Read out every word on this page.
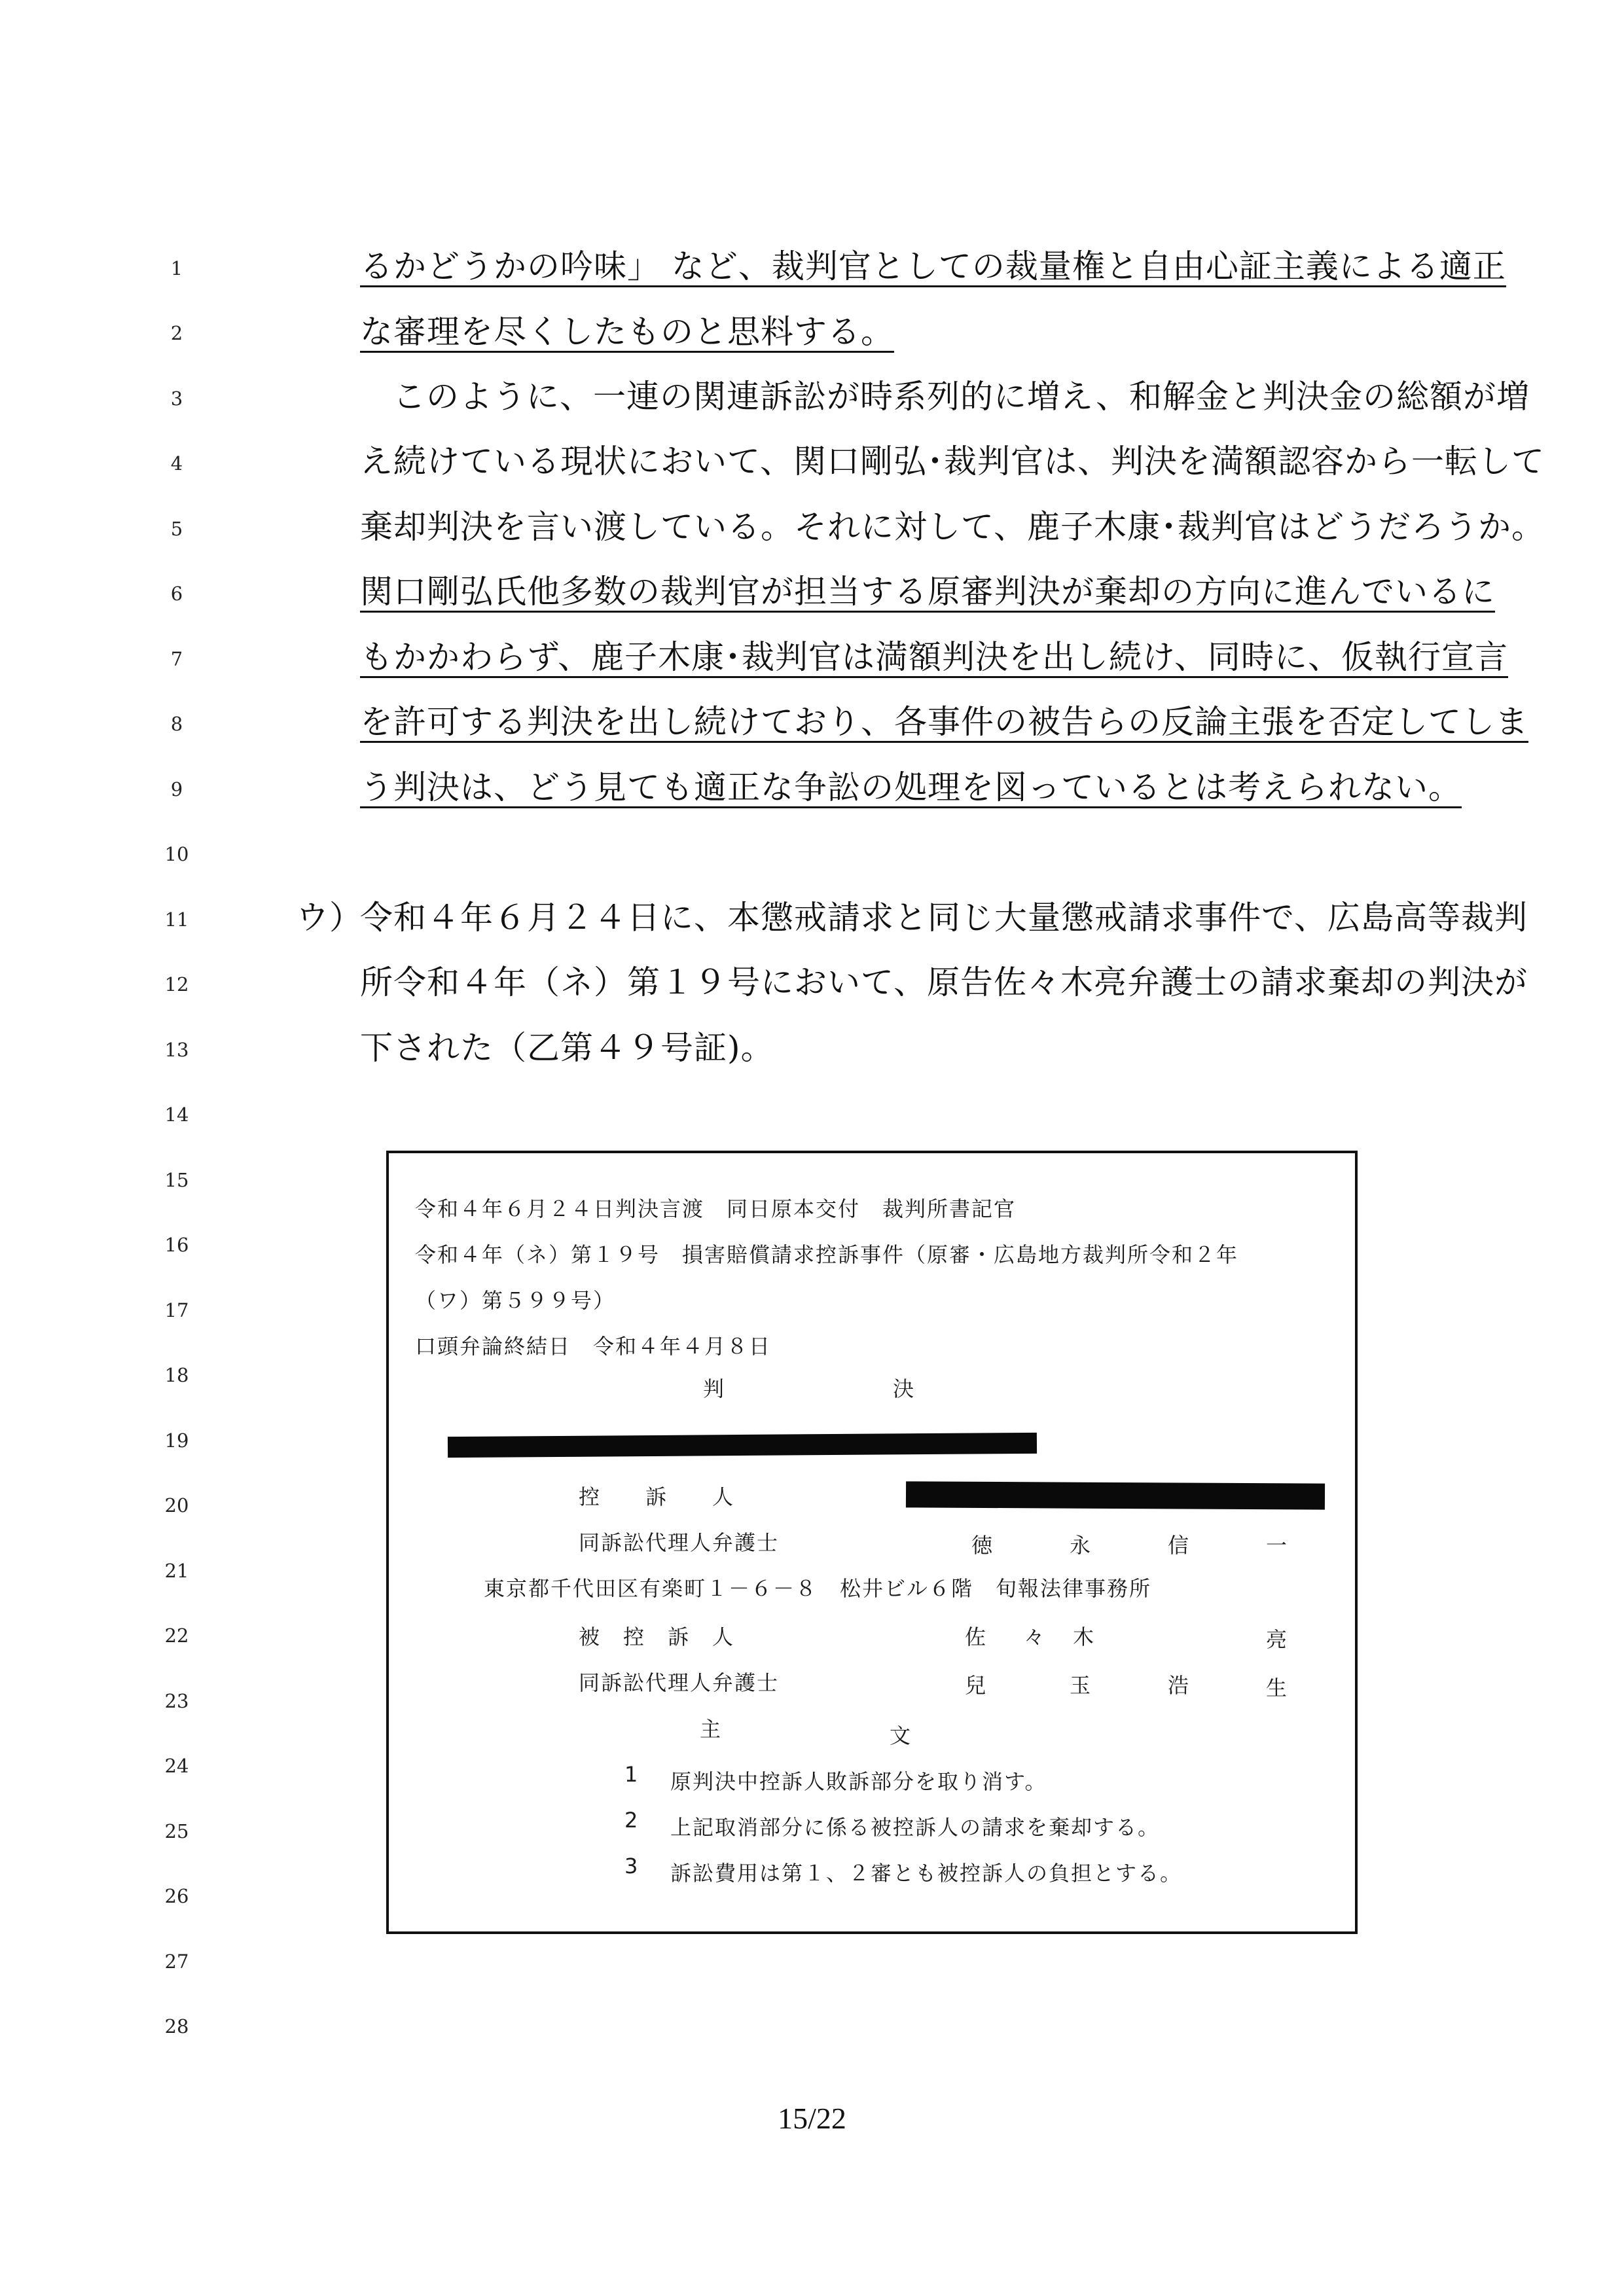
1
2
3
4
5
6
7
8
9
10
11
12
13
14
15
16
17
18
19
20
21
22
23
24
25
26
27
28
るかどうかの吟味」 など、裁判官としての裁量権と自由心証主義による適正
な審理を尽くしたものと思料する。
このように、一連の関連訴訟が時系列的に増え、和解金と判決金の総額が増
え続けている現状において、関口剛弘･裁判官は、判決を満額認容から一転して
棄却判決を言い渡している。それに対して、鹿子木康･裁判官はどうだろうか。
関口剛弘氏他多数の裁判官が担当する原審判決が棄却の方向に進んでいるに
もかかわらず、鹿子木康･裁判官は満額判決を出し続け、同時に、仮執行宣言
を許可する判決を出し続けており、各事件の被告らの反論主張を否定してしま
う判決は、どう見ても適正な争訟の処理を図っているとは考えられない。
ウ）
令和４年６月２４日に、本懲戒請求と同じ大量懲戒請求事件で、広島高等裁判
所令和４年（ネ）第１９号において、原告佐々木亮弁護士の請求棄却の判決が
下された（乙第４９号証)。
令和４年６月２４日判決言渡　同日原本交付　裁判所書記官
令和４年（ネ）第１９号　損害賠償請求控訴事件（原審・広島地方裁判所令和２年
（ワ）第５９９号）
口頭弁論終結日　令和４年４月８日
判	決
控　　訴　　人
同訴訟代理人弁護士	徳	永	信	一
東京都千代田区有楽町１－６－８　松井ビル６階　旬報法律事務所
被　控　訴　人	佐 々 木	亮
同訴訟代理人弁護士	兒	玉	浩	生
主	文
1 原判決中控訴人敗訴部分を取り消す。
2 上記取消部分に係る被控訴人の請求を棄却する。
3 訴訟費用は第１、２審とも被控訴人の負担とする。
15/22
